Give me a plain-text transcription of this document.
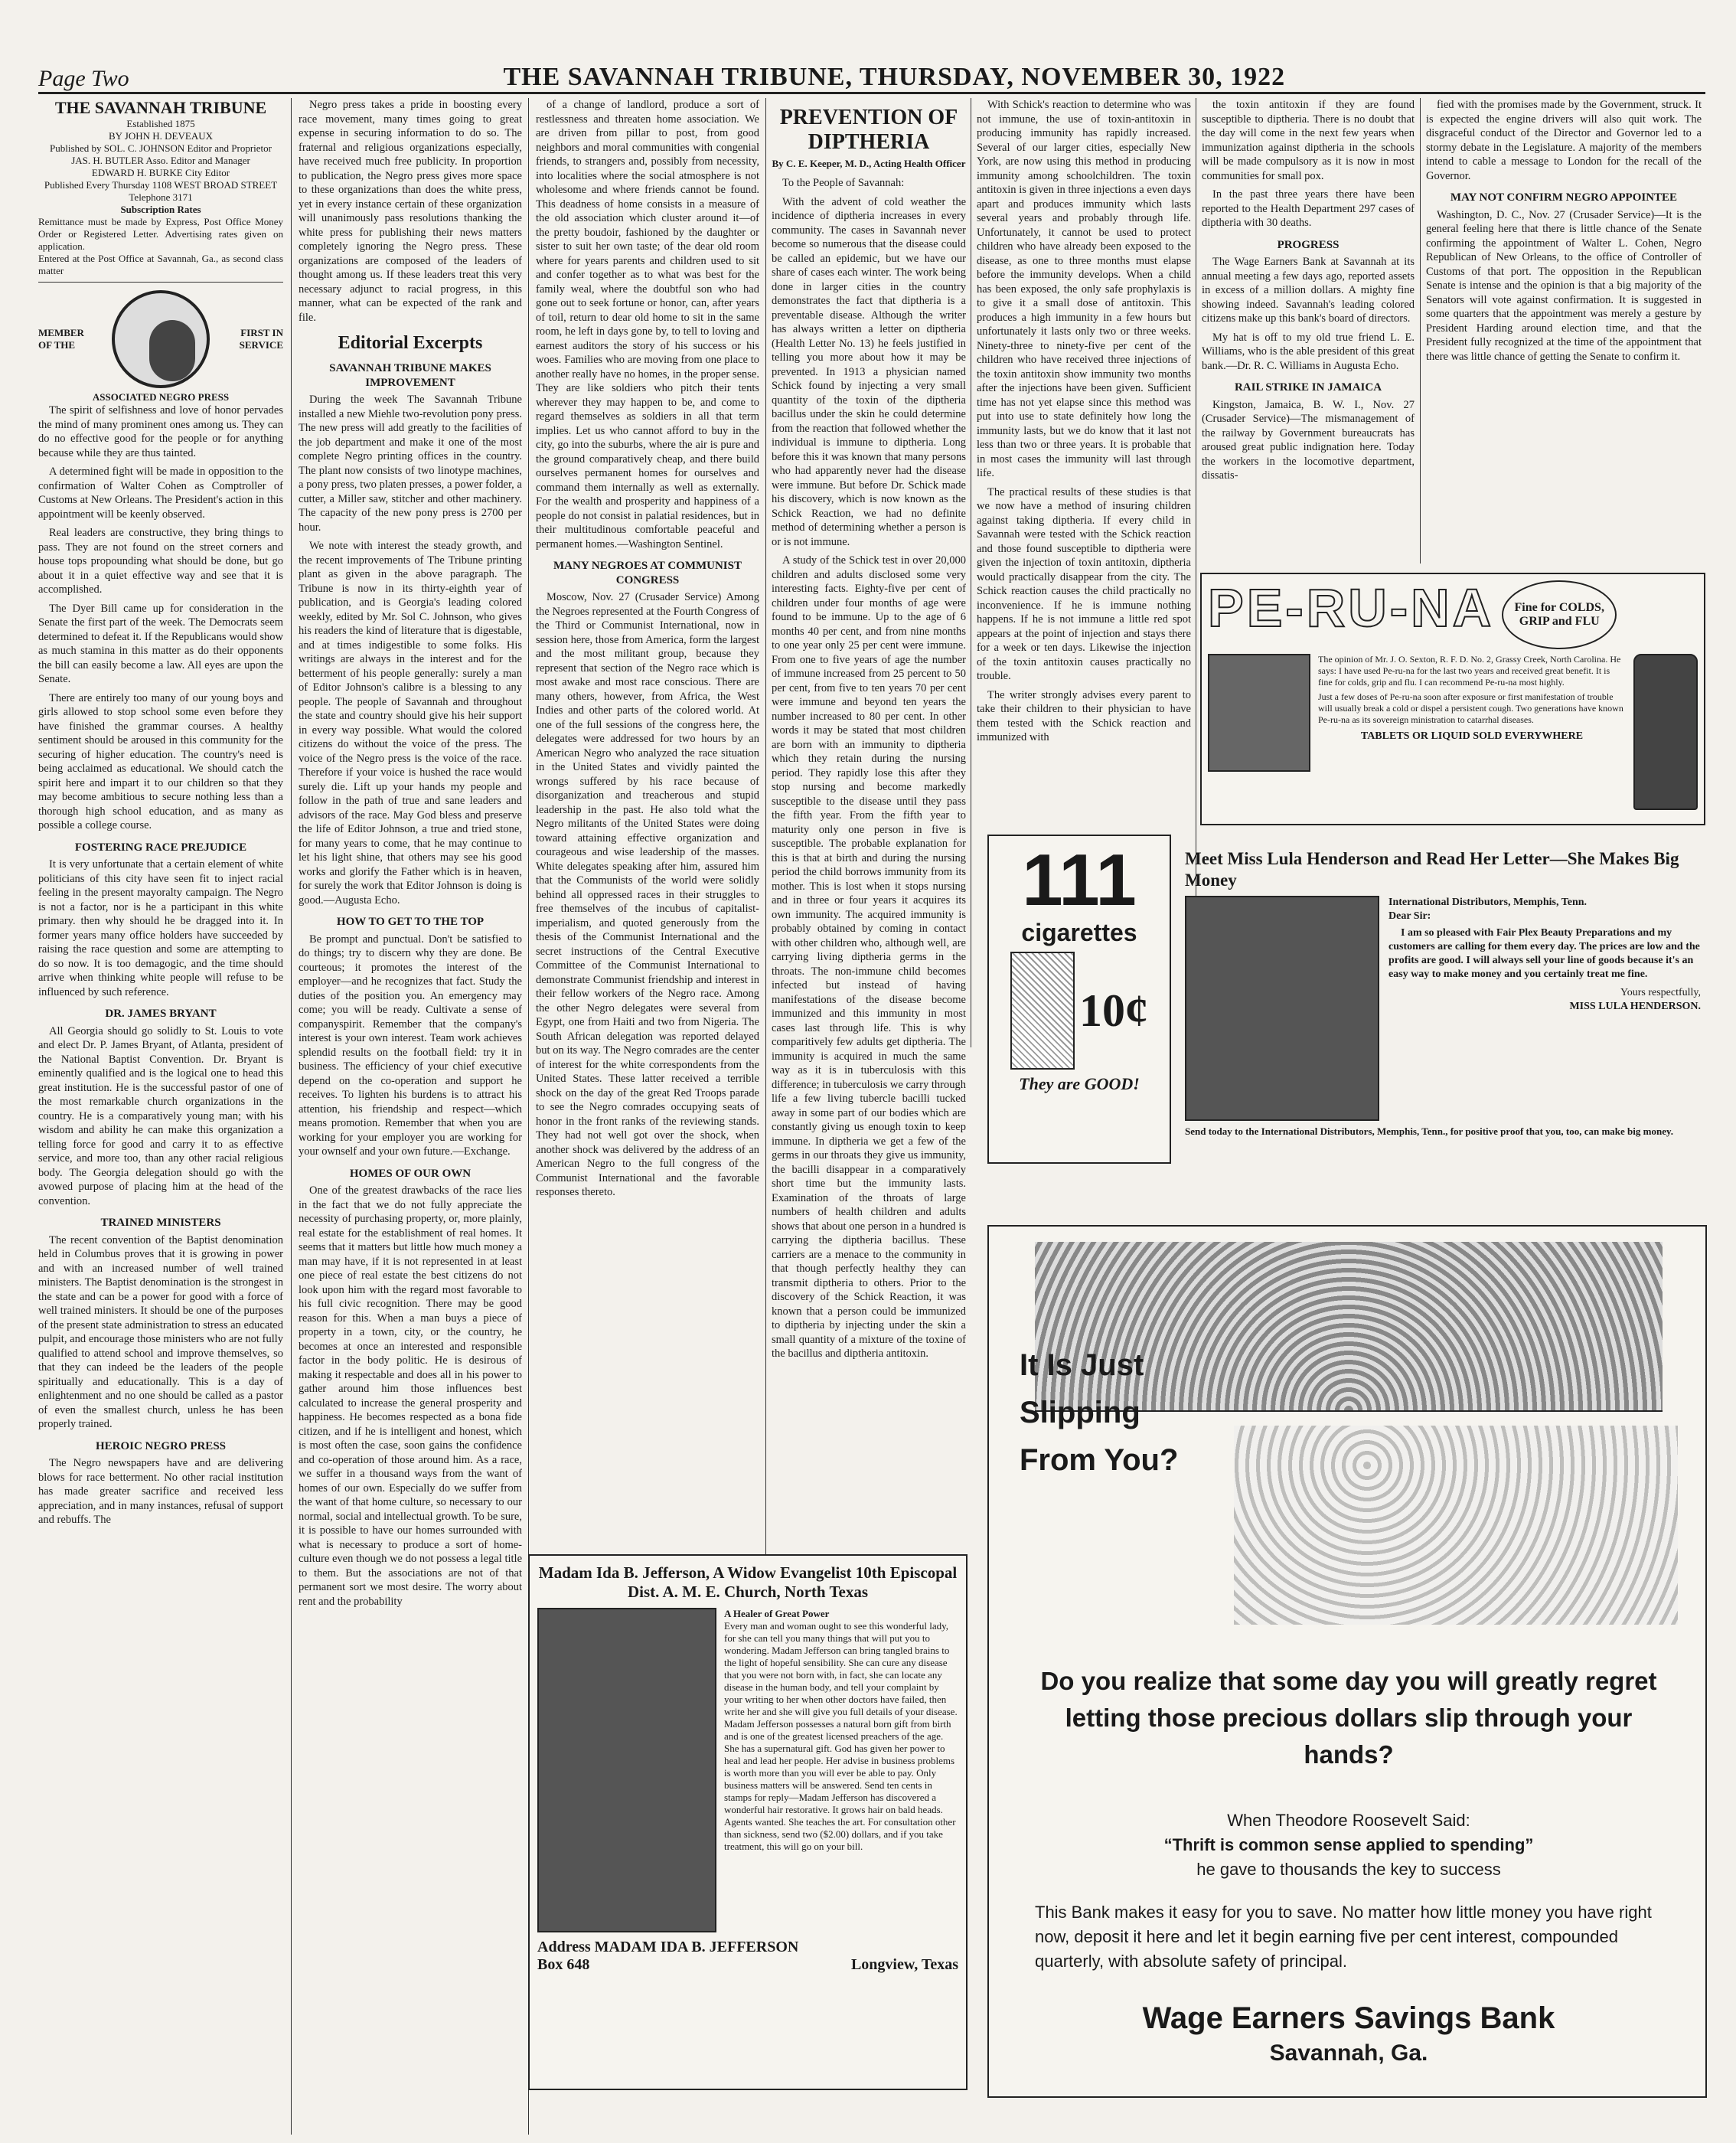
Page Two	THE SAVANNAH TRIBUNE, THURSDAY, NOVEMBER 30, 1922
THE SAVANNAH TRIBUNE
Established 1875
BY JOHN H. DEVEAUX
Published by SOL. C. JOHNSON Editor and Proprietor
JAS. H. BUTLER Asso. Editor and Manager
EDWARD H. BURKE City Editor
Published Every Thursday 1108 WEST BROAD STREET Telephone 3171
Subscription Rates
Remittance must be made by Express, Post Office Money Order or Registered Letter. Advertising rates given on application.
Entered at the Post Office at Savannah, Ga., as second class matter
MEMBER OF THE
FIRST IN SERVICE
ASSOCIATED NEGRO PRESS

The spirit of selfishness and love of honor pervades the mind of many prominent ones among us. They can do no effective good for the people or for anything because while they are thus tainted.

A determined fight will be made in opposition to the confirmation of Walter Cohen as Comptroller of Customs at New Orleans. The President's action in this appointment will be keenly observed.

Real leaders are constructive, they bring things to pass. They are not found on the street corners and house tops propounding what should be done, but go about it in a quiet effective way and see that it is accomplished.

The Dyer Bill came up for consideration in the Senate the first part of the week. The Democrats seem determined to defeat it. If the Republicans would show as much stamina in this matter as do their opponents the bill can easily become a law. All eyes are upon the Senate.

There are entirely too many of our young boys and girls allowed to stop school some even before they have finished the grammar courses. A healthy sentiment should be aroused in this community for the securing of higher education. The country's need is being acclaimed as educational. We should catch the spirit here and impart it to our children so that they may become ambitious to secure nothing less than a thorough high school education, and as many as possible a college course.

FOSTERING RACE PREJUDICE

It is very unfortunate that a certain element of white politicians of this city have seen fit to inject racial feeling in the present mayoralty campaign. The Negro is not a factor, nor is he a participant in this white primary. then why should he be dragged into it. In former years many office holders have succeeded by raising the race question and some are attempting to do so now. It is too demagogic, and the time should arrive when thinking white people will refuse to be influenced by such reference.

DR. JAMES BRYANT

All Georgia should go solidly to St. Louis to vote and elect Dr. P. James Bryant, of Atlanta, president of the National Baptist Convention. Dr. Bryant is eminently qualified and is the logical one to head this great institution. He is the successful pastor of one of the most remarkable church organizations in the country. He is a comparatively young man; with his wisdom and ability he can make this organization a telling force for good and carry it to as effective service, and more too, than any other racial religious body. The Georgia delegation should go with the avowed purpose of placing him at the head of the convention.

TRAINED MINISTERS

The recent convention of the Baptist denomination held in Columbus proves that it is growing in power and with an increased number of well trained ministers. The Baptist denomination is the strongest in the state and can be a power for good with a force of well trained ministers. It should be one of the purposes of the present state administration to stress an educated pulpit, and encourage those ministers who are not fully qualified to attend school and improve themselves, so that they can indeed be the leaders of the people spiritually and educationally. This is a day of enlightenment and no one should be called as a pastor of even the smallest church, unless he has been properly trained.

HEROIC NEGRO PRESS

The Negro newspapers have and are delivering blows for race betterment. No other racial institution has made greater sacrifice and received less appreciation, and in many instances, refusal of support and rebuffs. The

Negro press takes a pride in boosting every race movement, many times going to great expense in securing information to do so. The fraternal and religious organizations especially, have received much free publicity. In proportion to publication, the Negro press gives more space to these organizations than does the white press, yet in every instance certain of these organization will unanimously pass resolutions thanking the white press for publishing their news matters completely ignoring the Negro press. These organizations are composed of the leaders of thought among us. If these leaders treat this very necessary adjunct to racial progress, in this manner, what can be expected of the rank and file.

Editorial Excerpts
SAVANNAH TRIBUNE MAKES IMPROVEMENT

During the week The Savannah Tribune installed a new Miehle two-revolution pony press. The new press will add greatly to the facilities of the job department and make it one of the most complete Negro printing offices in the country. The plant now consists of two linotype machines, a pony press, two platen presses, a power folder, a cutter, a Miller saw, stitcher and other machinery. The capacity of the new pony press is 2700 per hour.

We note with interest the steady growth, and the recent improvements of The Tribune printing plant as given in the above paragraph. The Tribune is now in its thirty-eighth year of publication, and is Georgia's leading colored weekly, edited by Mr. Sol C. Johnson, who gives his readers the kind of literature that is digestable, and at times indigestible to some folks. His writings are always in the interest and for the betterment of his people generally: surely a man of Editor Johnson's calibre is a blessing to any people. The people of Savannah and throughout the state and country should give his heir support in every way possible. What would the colored citizens do without the voice of the press. The voice of the Negro press is the voice of the race. Therefore if your voice is hushed the race would surely die. Lift up your hands my people and follow in the path of true and sane leaders and advisors of the race. May God bless and preserve the life of Editor Johnson, a true and tried stone, for many years to come, that he may continue to let his light shine, that others may see his good works and glorify the Father which is in heaven, for surely the work that Editor Johnson is doing is good.—Augusta Echo.

HOW TO GET TO THE TOP

Be prompt and punctual. Don't be satisfied to do things; try to discern why they are done. Be courteous; it promotes the interest of the employer—and he recognizes that fact. Study the duties of the position you. An emergency may come; you will be ready. Cultivate a sense of companyspirit. Remember that the company's interest is your own interest. Team work achieves splendid results on the football field: try it in business. The efficiency of your chief executive depend on the co-operation and support he receives. To lighten his burdens is to attract his attention, his friendship and respect—which means promotion. Remember that when you are working for your employer you are working for your ownself and your own future.—Exchange.

HOMES OF OUR OWN

One of the greatest drawbacks of the race lies in the fact that we do not fully appreciate the necessity of purchasing property, or, more plainly, real estate for the establishment of real homes. It seems that it matters but little how much money a man may have, if it is not represented in at least one piece of real estate the best citizens do not look upon him with the regard most favorable to his full civic recognition. There may be good reason for this. When a man buys a piece of property in a town, city, or the country, he becomes at once an interested and responsible factor in the body politic. He is desirous of making it respectable and does all in his power to gather around him those influences best calculated to increase the general prosperity and happiness. He becomes respected as a bona fide citizen, and if he is intelligent and honest, which is most often the case, soon gains the confidence and co-operation of those around him. As a race, we suffer in a thousand ways from the want of homes of our own. Especially do we suffer from the want of that home culture, so necessary to our normal, social and intellectual growth. To be sure, it is possible to have our homes surrounded with what is necessary to produce a sort of home-culture even though we do not possess a legal title to them. But the associations are not of that permanent sort we most desire. The worry about rent and the probability

of a change of landlord, produce a sort of restlessness and threaten home association. We are driven from pillar to post, from good neighbors and moral communities with congenial friends, to strangers and, possibly from necessity, into localities where the social atmosphere is not wholesome and where friends cannot be found. This deadness of home consists in a measure of the old association which cluster around it—of the pretty boudoir, fashioned by the daughter or sister to suit her own taste; of the dear old room where for years parents and children used to sit and confer together as to what was best for the family weal, where the doubtful son who had gone out to seek fortune or honor, can, after years of toil, return to dear old home to sit in the same room, he left in days gone by, to tell to loving and earnest auditors the story of his success or his woes. Families who are moving from one place to another really have no homes, in the proper sense. They are like soldiers who pitch their tents wherever they may happen to be, and come to regard themselves as soldiers in all that term implies. Let us who cannot afford to buy in the city, go into the suburbs, where the air is pure and the ground comparatively cheap, and there build ourselves permanent homes for ourselves and command them internally as well as externally. For the wealth and prosperity and happiness of a people do not consist in palatial residences, but in their multitudinous comfortable peaceful and permanent homes.—Washington Sentinel.

MANY NEGROES AT COMMUNIST CONGRESS

Moscow, Nov. 27 (Crusader Service) Among the Negroes represented at the Fourth Congress of the Third or Communist International, now in session here, those from America, form the largest and the most militant group, because they represent that section of the Negro race which is most awake and most race conscious. There are many others, however, from Africa, the West Indies and other parts of the colored world. At one of the full sessions of the congress here, the delegates were addressed for two hours by an American Negro who analyzed the race situation in the United States and vividly painted the wrongs suffered by his race because of disorganization and treacherous and stupid leadership in the past. He also told what the Negro militants of the United States were doing toward attaining effective organization and courageous and wise leadership of the masses. White delegates speaking after him, assured him that the Communists of the world were solidly behind all oppressed races in their struggles to free themselves of the incubus of capitalist-imperialism, and quoted generously from the thesis of the Communist International and the secret instructions of the Central Executive Committee of the Communist International to demonstrate Communist friendship and interest in their fellow workers of the Negro race. Among the other Negro delegates were several from Egypt, one from Haiti and two from Nigeria. The South African delegation was reported delayed but on its way. The Negro comrades are the center of interest for the white correspondents from the United States. These latter received a terrible shock on the day of the great Red Troops parade to see the Negro comrades occupying seats of honor in the front ranks of the reviewing stands. They had not well got over the shock, when another shock was delivered by the address of an American Negro to the full congress of the Communist International and the favorable responses thereto.

PREVENTION OF DIPTHERIA
By C. E. Keeper, M. D., Acting Health Officer

To the People of Savannah:

With the advent of cold weather the incidence of diptheria increases in every community. The cases in Savannah never become so numerous that the disease could be called an epidemic, but we have our share of cases each winter. The work being done in larger cities in the country demonstrates the fact that diptheria is a preventable disease. Although the writer has always written a letter on diptheria (Health Letter No. 13) he feels justified in telling you more about how it may be prevented. In 1913 a physician named Schick found by injecting a very small quantity of the toxin of the diptheria bacillus under the skin he could determine from the reaction that followed whether the individual is immune to diptheria. Long before this it was known that many persons who had apparently never had the disease were immune. But before Dr. Schick made his discovery, which is now known as the Schick Reaction, we had no definite method of determining whether a person is or is not immune.

A study of the Schick test in over 20,000 children and adults disclosed some very interesting facts. Eighty-five per cent of children under four months of age were found to be immune. Up to the age of 6 months 40 per cent, and from nine months to one year only 25 per cent were immune. From one to five years of age the number of immune increased from 25 percent to 50 per cent, from five to ten years 70 per cent were immune and beyond ten years the number increased to 80 per cent. In other words it may be stated that most children are born with an immunity to diptheria which they retain during the nursing period. They rapidly lose this after they stop nursing and become markedly susceptible to the disease until they pass the fifth year. From the fifth year to maturity only one person in five is susceptible. The probable explanation for this is that at birth and during the nursing period the child borrows immunity from its mother. This is lost when it stops nursing and in three or four years it acquires its own immunity. The acquired immunity is probably obtained by coming in contact with other children who, although well, are carrying living diptheria germs in the throats. The non-immune child becomes infected but instead of having manifestations of the disease become immunized and this immunity in most cases last through life. This is why comparitively few adults get diptheria. The immunity is acquired in much the same way as it is in tuberculosis with this difference; in tuberculosis we carry through life a few living tubercle bacilli tucked away in some part of our bodies which are constantly giving us enough toxin to keep immune. In diptheria we get a few of the germs in our throats they give us immunity, the bacilli disappear in a comparatively short time but the immunity lasts. Examination of the throats of large numbers of health children and adults shows that about one person in a hundred is carrying the diptheria bacillus. These carriers are a menace to the community in that though perfectly healthy they can transmit diptheria to others. Prior to the discovery of the Schick Reaction, it was known that a person could be immunized to diptheria by injecting under the skin a small quantity of a mixture of the toxine of the bacillus and diptheria antitoxin.

With Schick's reaction to determine who was not immune, the use of toxin-antitoxin in producing immunity has rapidly increased. Several of our larger cities, especially New York, are now using this method in producing immunity among schoolchildren. The toxin antitoxin is given in three injections a even days apart and produces immunity which lasts several years and probably through life. Unfortunately, it cannot be used to protect children who have already been exposed to the disease, as one to three months must elapse before the immunity develops. When a child has been exposed, the only safe prophylaxis is to give it a small dose of antitoxin. This produces a high immunity in a few hours but unfortunately it lasts only two or three weeks. Ninety-three to ninety-five per cent of the children who have received three injections of the toxin antitoxin show immunity two months after the injections have been given. Sufficient time has not yet elapse since this method was put into use to state definitely how long the immunity lasts, but we do know that it last not less than two or three years. It is probable that in most cases the immunity will last through life.

The practical results of these studies is that we now have a method of insuring children against taking diptheria. If every child in Savannah were tested with the Schick reaction and those found susceptible to diptheria were given the injection of toxin antitoxin, diptheria would practically disappear from the city. The Schick reaction causes the child practically no inconvenience. If he is immune nothing happens. If he is not immune a little red spot appears at the point of injection and stays there for a week or ten days. Likewise the injection of the toxin antitoxin causes practically no trouble.

The writer strongly advises every parent to take their children to their physician to have them tested with the Schick reaction and immunized with

the toxin antitoxin if they are found susceptible to diptheria. There is no doubt that the day will come in the next few years when immunization against diptheria in the schools will be made compulsory as it is now in most communities for small pox.

In the past three years there have been reported to the Health Department 297 cases of diptheria with 30 deaths.

PROGRESS

The Wage Earners Bank at Savannah at its annual meeting a few days ago, reported assets in excess of a million dollars. A mighty fine showing indeed. Savannah's leading colored citizens make up this bank's board of directors.

My hat is off to my old true friend L. E. Williams, who is the able president of this great bank.—Dr. R. C. Williams in Augusta Echo.

RAIL STRIKE IN JAMAICA

Kingston, Jamaica, B. W. I., Nov. 27 (Crusader Service)—The mismanagement of the railway by Government bureaucrats has aroused great public indignation here. Today the workers in the locomotive department, dissatis-

fied with the promises made by the Government, struck. It is expected the engine drivers will also quit work. The disgraceful conduct of the Director and Governor led to a stormy debate in the Legislature. A majority of the members intend to cable a message to London for the recall of the Governor.

MAY NOT CONFIRM NEGRO APPOINTEE

Washington, D. C., Nov. 27 (Crusader Service)—It is the general feeling here that there is little chance of the Senate confirming the appointment of Walter L. Cohen, Negro Republican of New Orleans, to the office of Controller of Customs of that port. The opposition in the Republican Senate is intense and the opinion is that a big majority of the Senators will vote against confirmation. It is suggested in some quarters that the appointment was merely a gesture by President Harding around election time, and that the President fully recognized at the time of the appointment that there was little chance of getting the Senate to confirm it.

Madam Ida B. Jefferson, A Widow Evangelist 10th Episcopal Dist. A. M. E. Church, North Texas
A Healer of Great Power
Every man and woman ought to see this wonderful lady, for she can tell you many things that will put you to wondering. Madam Jefferson can bring tangled brains to the light of hopeful sensibility. She can cure any disease that you were not born with, in fact, she can locate any disease in the human body, and tell your complaint by your writing to her when other doctors have failed, then write her and she will give you full details of your disease. Madam Jefferson possesses a natural born gift from birth and is one of the greatest licensed preachers of the age. She has a supernatural gift. God has given her power to heal and lead her people. Her advise in business problems is worth more than you will ever be able to pay. Only business matters will be answered. Send ten cents in stamps for reply—Madam Jefferson has discovered a wonderful hair restorative. It grows hair on bald heads. Agents wanted. She teaches the art. For consultation other than sickness, send two ($2.00) dollars, and if you take treatment, this will go on your bill.
Address MADAM IDA B. JEFFERSON
Box 648	Longview, Texas
PE-RU-NA	Fine for COLDS, GRIP and FLU
The opinion of Mr. J. O. Sexton, R. F. D. No. 2, Grassy Creek, North Carolina. He says: I have used Pe-ru-na for the last two years and received great benefit. It is fine for colds, grip and flu. I can recommend Pe-ru-na most highly.
Just a few doses of Pe-ru-na soon after exposure or first manifestation of trouble will usually break a cold or dispel a persistent cough. Two generations have known Pe-ru-na as its sovereign ministration to catarrhal diseases.
TABLETS OR LIQUID SOLD EVERYWHERE
111
cigarettes
10¢
They are GOOD!
Meet Miss Lula Henderson and Read Her Letter—She Makes Big Money
International Distributors, Memphis, Tenn.
Dear Sir:
I am so pleased with Fair Plex Beauty Preparations and my customers are calling for them every day. The prices are low and the profits are good. I will always sell your line of goods because it's an easy way to make money and you certainly treat me fine.
Yours respectfully,
MISS LULA HENDERSON.
Send today to the International Distributors, Memphis, Tenn., for positive proof that you, too, can make big money.
It Is Just
Slipping
From You?
Do you realize that some day you will greatly regret letting those precious dollars slip through your hands?
When Theodore Roosevelt Said:
“Thrift is common sense applied to spending”
he gave to thousands the key to success
This Bank makes it easy for you to save. No matter how little money you have right now, deposit it here and let it begin earning five per cent interest, compounded quarterly, with absolute safety of principal.
Wage Earners Savings Bank
Savannah, Ga.
